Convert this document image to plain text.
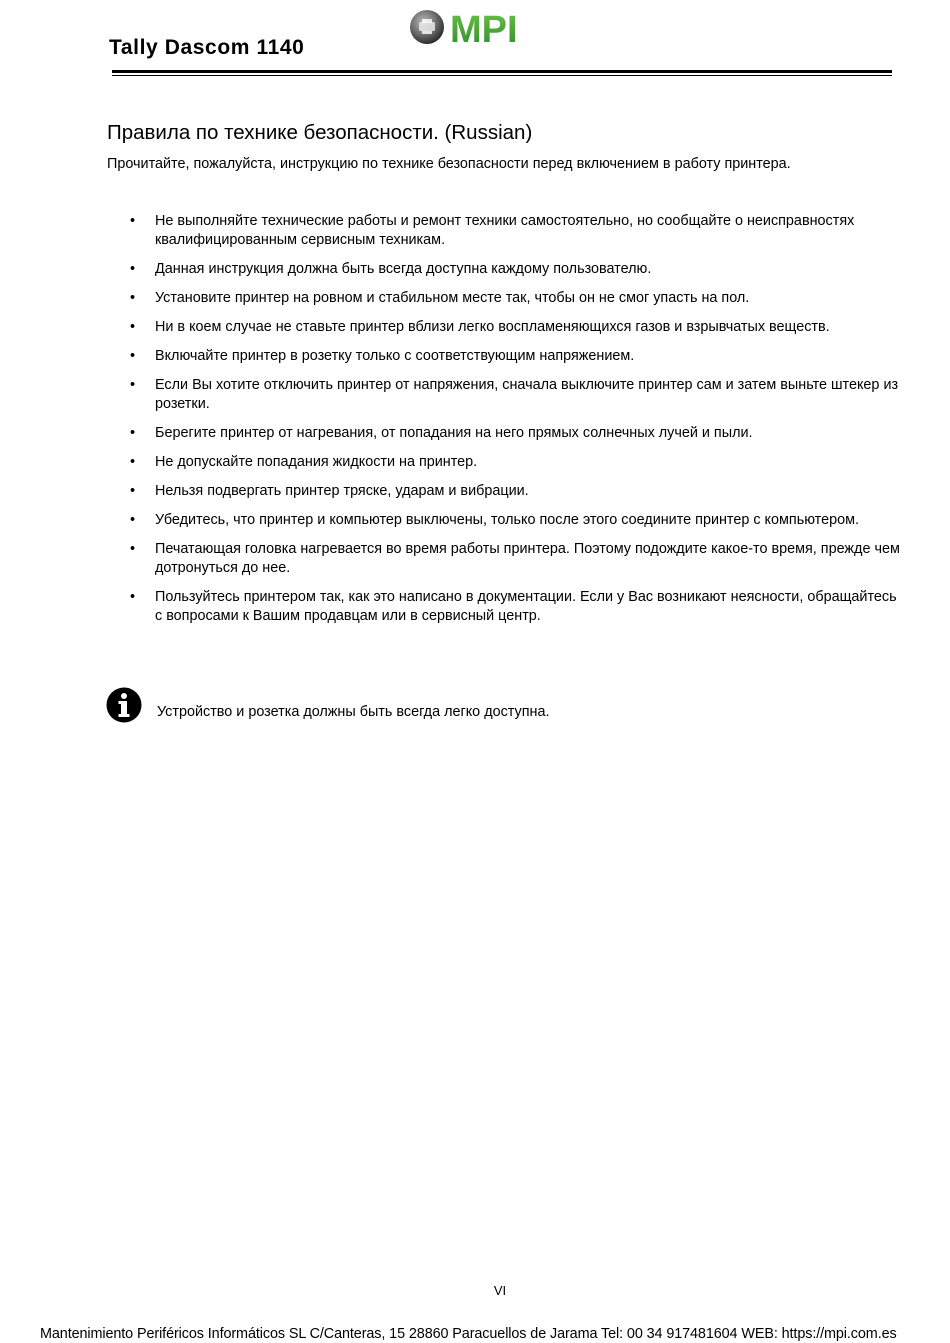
Tally Dascom 1140	MPI
Правила по технике безопасности. (Russian)
Прочитайте, пожалуйста, инструкцию по технике безопасности перед включением в работу принтера.
• Не выполняйте технические работы и ремонт техники самостоятельно, но сообщайте о неисправностях квалифицированным сервисным техникам.
• Данная инструкция должна быть всегда доступна каждому пользователю.
• Установите принтер на ровном и стабильном месте так, чтобы он не смог упасть на пол.
• Ни в коем случае не ставьте принтер вблизи легко воспламеняющихся газов и взрывчатых веществ.
• Включайте принтер в розетку только с соответствующим напряжением.
• Если Вы хотите отключить принтер от напряжения, сначала выключите принтер сам и затем выньте штекер из розетки.
• Берегите принтер от нагревания, от попадания на него прямых солнечных лучей и пыли.
• Не допускайте попадания жидкости на принтер.
• Нельзя подвергать принтер тряске, ударам и вибрации.
• Убедитесь, что принтер и компьютер выключены, только после этого соедините принтер с компьютером.
• Печатающая головка нагревается во время работы принтера. Поэтому подождите какое-то время, прежде чем дотронуться до нее.
• Пользуйтесь принтером так, как это написано в документации. Если у Вас возникают неясности, обращайтесь с вопросами к Вашим продавцам или в сервисный центр.
Устройство и розетка должны быть всегда легко доступна.
VI
Mantenimiento Periféricos Informáticos SL C/Canteras, 15 28860 Paracuellos de Jarama Tel: 00 34 917481604 WEB: https://mpi.com.es
